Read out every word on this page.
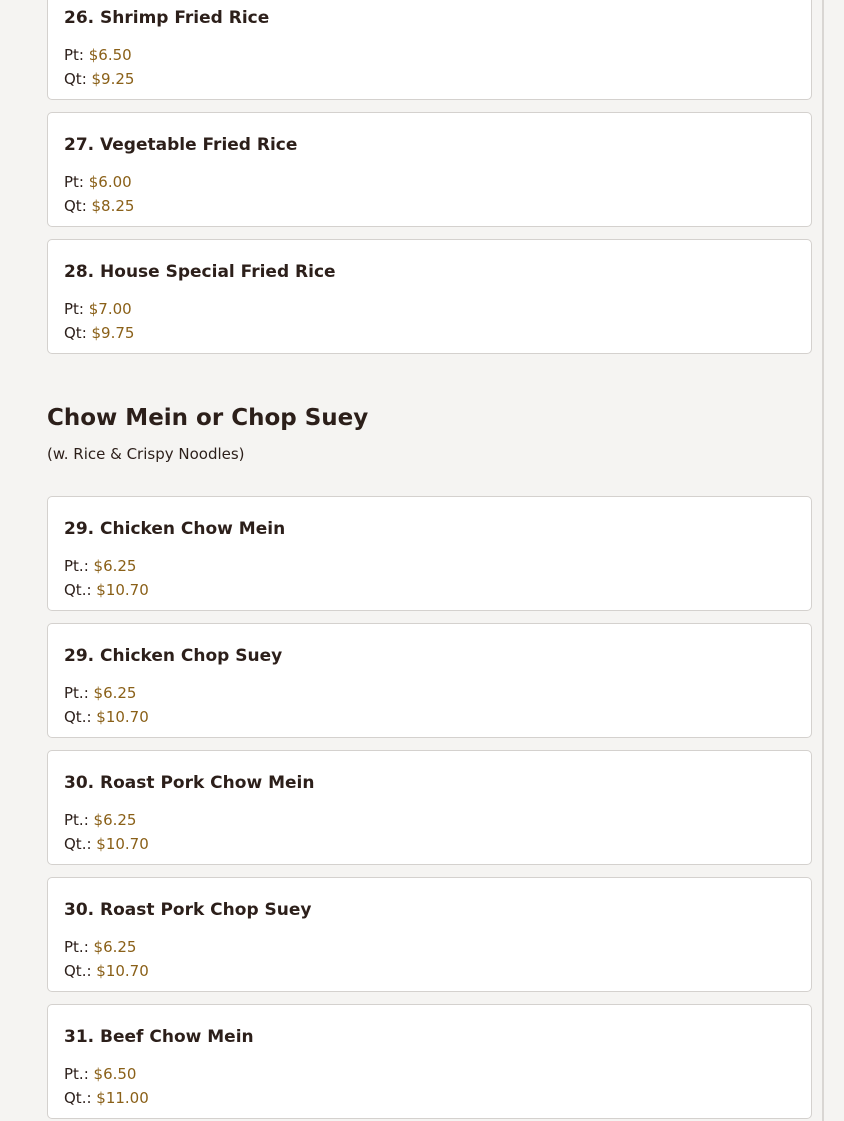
26. Shrimp Fried Rice
Pt: $6.50
Qt: $9.25
27. Vegetable Fried Rice
Pt: $6.00
Qt: $8.25
28. House Special Fried Rice
Pt: $7.00
Qt: $9.75
Chow Mein or Chop Suey
(w. Rice & Crispy Noodles)
29. Chicken Chow Mein
Pt.: $6.25
Qt.: $10.70
29. Chicken Chop Suey
Pt.: $6.25
Qt.: $10.70
30. Roast Pork Chow Mein
Pt.: $6.25
Qt.: $10.70
30. Roast Pork Chop Suey
Pt.: $6.25
Qt.: $10.70
31. Beef Chow Mein
Pt.: $6.50
Qt.: $11.00
